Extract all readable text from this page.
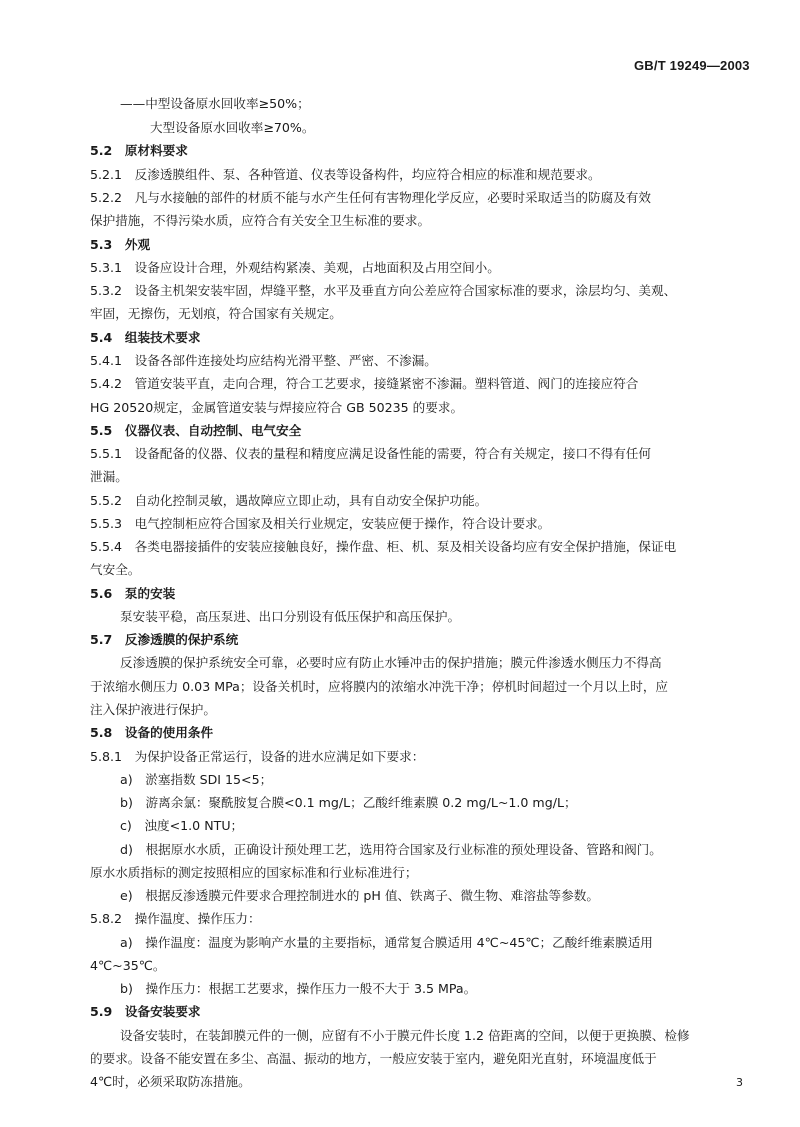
GB/T 19249—2003
——中型设备原水回收率≥50%；
大型设备原水回收率≥70%。
5.2　原材料要求
5.2.1　反渗透膜组件、泵、各种管道、仪表等设备构件，均应符合相应的标准和规范要求。
5.2.2　凡与水接触的部件的材质不能与水产生任何有害物理化学反应，必要时采取适当的防腐及有效
保护措施，不得污染水质，应符合有关安全卫生标准的要求。
5.3　外观
5.3.1　设备应设计合理，外观结构紧凑、美观，占地面积及占用空间小。
5.3.2　设备主机架安装牢固，焊缝平整，水平及垂直方向公差应符合国家标准的要求，涂层均匀、美观、
牢固，无擦伤，无划痕，符合国家有关规定。
5.4　组装技术要求
5.4.1　设备各部件连接处均应结构光滑平整、严密、不渗漏。
5.4.2　管道安装平直，走向合理，符合工艺要求，接缝紧密不渗漏。塑料管道、阀门的连接应符合
HG 20520规定，金属管道安装与焊接应符合 GB 50235 的要求。
5.5　仪器仪表、自动控制、电气安全
5.5.1　设备配备的仪器、仪表的量程和精度应满足设备性能的需要，符合有关规定，接口不得有任何
泄漏。
5.5.2　自动化控制灵敏，遇故障应立即止动，具有自动安全保护功能。
5.5.3　电气控制柜应符合国家及相关行业规定，安装应便于操作，符合设计要求。
5.5.4　各类电器接插件的安装应接触良好，操作盘、柜、机、泵及相关设备均应有安全保护措施，保证电
气安全。
5.6　泵的安装
泵安装平稳，高压泵进、出口分别设有低压保护和高压保护。
5.7　反渗透膜的保护系统
反渗透膜的保护系统安全可靠，必要时应有防止水锤冲击的保护措施；膜元件渗透水侧压力不得高
于浓缩水侧压力 0.03 MPa；设备关机时，应将膜内的浓缩水冲洗干净；停机时间超过一个月以上时，应
注入保护液进行保护。
5.8　设备的使用条件
5.8.1　为保护设备正常运行，设备的进水应满足如下要求：
a)　淤塞指数 SDI 15<5；
b)　游离余氯：聚酰胺复合膜<0.1 mg/L；乙酸纤维素膜 0.2 mg/L~1.0 mg/L；
c)　浊度<1.0 NTU；
d)　根据原水水质，正确设计预处理工艺，选用符合国家及行业标准的预处理设备、管路和阀门。
原水水质指标的测定按照相应的国家标准和行业标准进行；
e)　根据反渗透膜元件要求合理控制进水的 pH 值、铁离子、微生物、难溶盐等参数。
5.8.2　操作温度、操作压力：
a)　操作温度：温度为影响产水量的主要指标，通常复合膜适用 4℃~45℃；乙酸纤维素膜适用
4℃~35℃。
b)　操作压力：根据工艺要求，操作压力一般不大于 3.5 MPa。
5.9　设备安装要求
设备安装时，在装卸膜元件的一侧，应留有不小于膜元件长度 1.2 倍距离的空间，以便于更换膜、检修
的要求。设备不能安置在多尘、高温、振动的地方，一般应安装于室内，避免阳光直射，环境温度低于
4℃时，必须采取防冻措施。	3
